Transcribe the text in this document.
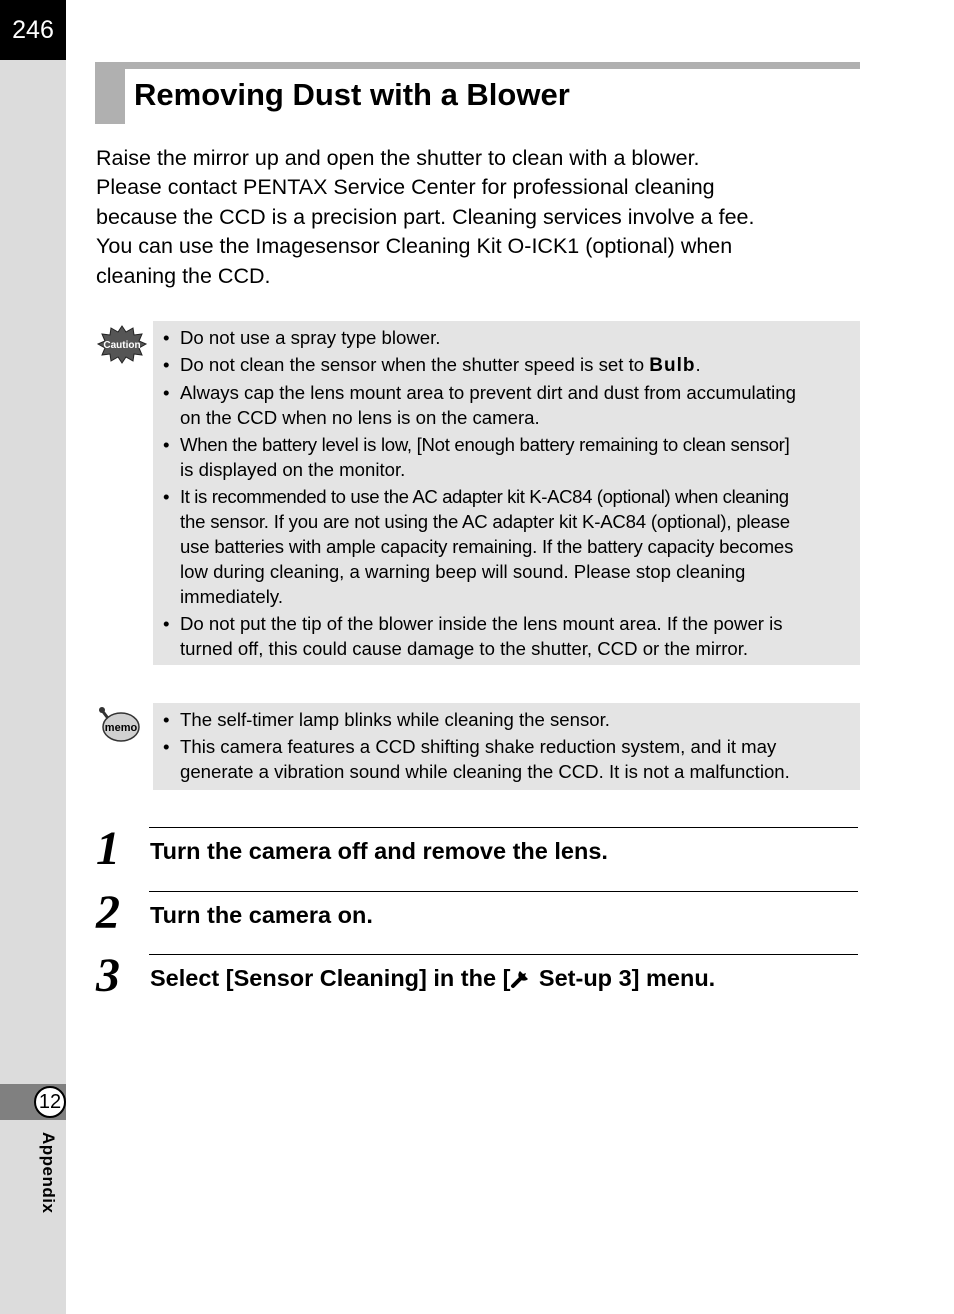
246
12
Appendix
Removing Dust with a Blower

Raise the mirror up and open the shutter to clean with a blower.

Please contact PENTAX Service Center for professional cleaning

because the CCD is a precision part. Cleaning services involve a fee.

You can use the Imagesensor Cleaning Kit O-ICK1 (optional) when

cleaning the CCD.

Caution • Do not use a spray type blower.
• Do not clean the sensor when the shutter speed is set to Bulb.
• Always cap the lens mount area to prevent dirt and dust from accumulating
on the CCD when no lens is on the camera.
• When the battery level is low, [Not enough battery remaining to clean sensor]
is displayed on the monitor.
• It is recommended to use the AC adapter kit K-AC84 (optional) when cleaning
the sensor. If you are not using the AC adapter kit K-AC84 (optional), please
use batteries with ample capacity remaining. If the battery capacity becomes
low during cleaning, a warning beep will sound. Please stop cleaning
immediately.
• Do not put the tip of the blower inside the lens mount area. If the power is
turned off, this could cause damage to the shutter, CCD or the mirror.
memo • The self-timer lamp blinks while cleaning the sensor.
• This camera features a CCD shifting shake reduction system, and it may
generate a vibration sound while cleaning the CCD. It is not a malfunction.
1 Turn the camera off and remove the lens.
2 Turn the camera on.
3 Select [Sensor Cleaning] in the [ Set-up 3] menu.
